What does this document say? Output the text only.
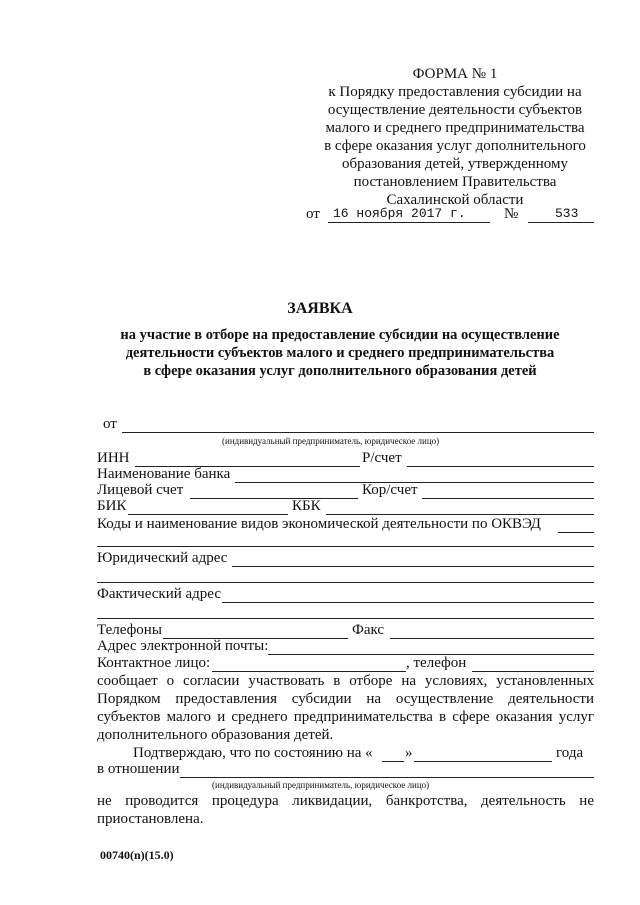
ФОРМА № 1
к Порядку предоставления субсидии на
осуществление деятельности субъектов
малого и среднего предпринимательства
в сфере оказания услуг дополнительного
образования детей, утвержденному
постановлением Правительства
Сахалинской области
от 16 ноября 2017 г.	№	533
ЗАЯВКА
на участие в отборе на предоставление субсидии на осуществление
деятельности субъектов малого и среднего предпринимательства
в сфере оказания услуг дополнительного образования детей
от
(индивидуальный предприниматель, юридическое лицо)
ИНН	Р/счет
Наименование банка
Лицевой счет	Кор/счет
БИК	КБК
Коды и наименование видов экономической деятельности по ОКВЭД
Юридический адрес
Фактический адрес
Телефоны	Факс
Адрес электронной почты:
Контактное лицо:	, телефон
сообщает о согласии участвовать в отборе на условиях, установленных
Порядком предоставления субсидии на осуществление деятельности
субъектов малого и среднего предпринимательства в сфере оказания услуг
дополнительного образования детей.
Подтверждаю, что по состоянию на « »	года
в отношении
(индивидуальный предприниматель, юридическое лицо)
не проводится процедура ликвидации, банкротства, деятельность не
приостановлена.
00740(n)(15.0)
